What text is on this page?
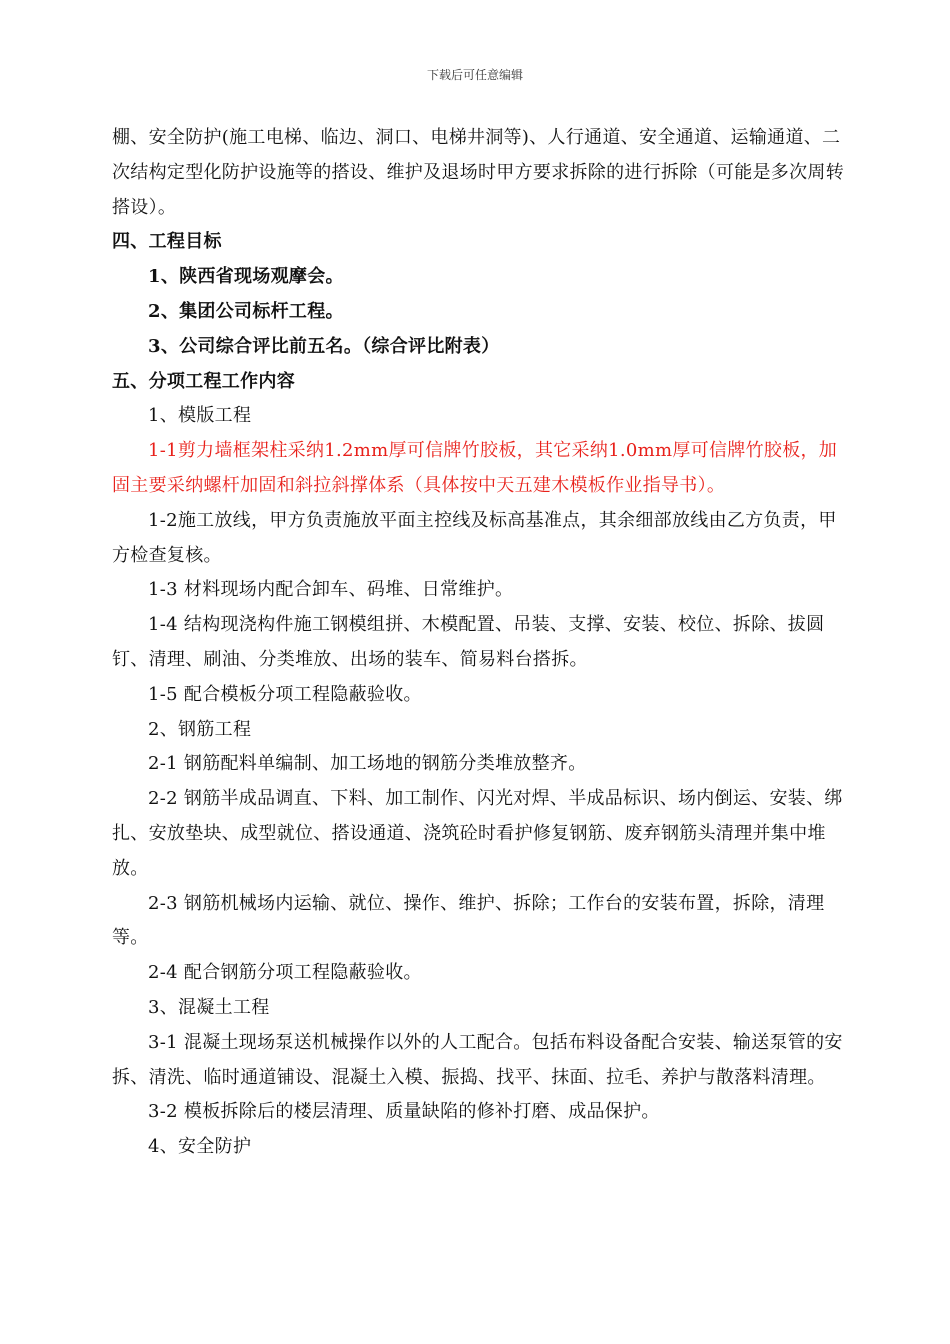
下载后可任意编辑

棚、安全防护(施工电梯、临边、洞口、电梯井洞等)、人行通道、安全通道、运输通道、二次结构定型化防护设施等的搭设、维护及退场时甲方要求拆除的进行拆除（可能是多次周转搭设）。

四、工程目标

1、陕西省现场观摩会。

2、集团公司标杆工程。

3、公司综合评比前五名。（综合评比附表）

五、分项工程工作内容

1、模版工程

1-1剪力墙框架柱采纳1.2mm厚可信牌竹胶板，其它采纳1.0mm厚可信牌竹胶板，加固主要采纳螺杆加固和斜拉斜撑体系（具体按中天五建木模板作业指导书）。

1-2施工放线，甲方负责施放平面主控线及标高基准点，其余细部放线由乙方负责，甲方检查复核。

1-3 材料现场内配合卸车、码堆、日常维护。

1-4 结构现浇构件施工钢模组拼、木模配置、吊装、支撑、安装、校位、拆除、拔圆钉、清理、刷油、分类堆放、出场的装车、简易料台搭拆。

1-5 配合模板分项工程隐蔽验收。

2、钢筋工程

2-1 钢筋配料单编制、加工场地的钢筋分类堆放整齐。

2-2 钢筋半成品调直、下料、加工制作、闪光对焊、半成品标识、场内倒运、安装、绑扎、安放垫块、成型就位、搭设通道、浇筑砼时看护修复钢筋、废弃钢筋头清理并集中堆放。

2-3 钢筋机械场内运输、就位、操作、维护、拆除；工作台的安装布置，拆除，清理等。

2-4 配合钢筋分项工程隐蔽验收。

3、混凝土工程

3-1 混凝土现场泵送机械操作以外的人工配合。包括布料设备配合安装、输送泵管的安拆、清洗、临时通道铺设、混凝土入模、振捣、找平、抹面、拉毛、养护与散落料清理。

3-2 模板拆除后的楼层清理、质量缺陷的修补打磨、成品保护。

4、安全防护
